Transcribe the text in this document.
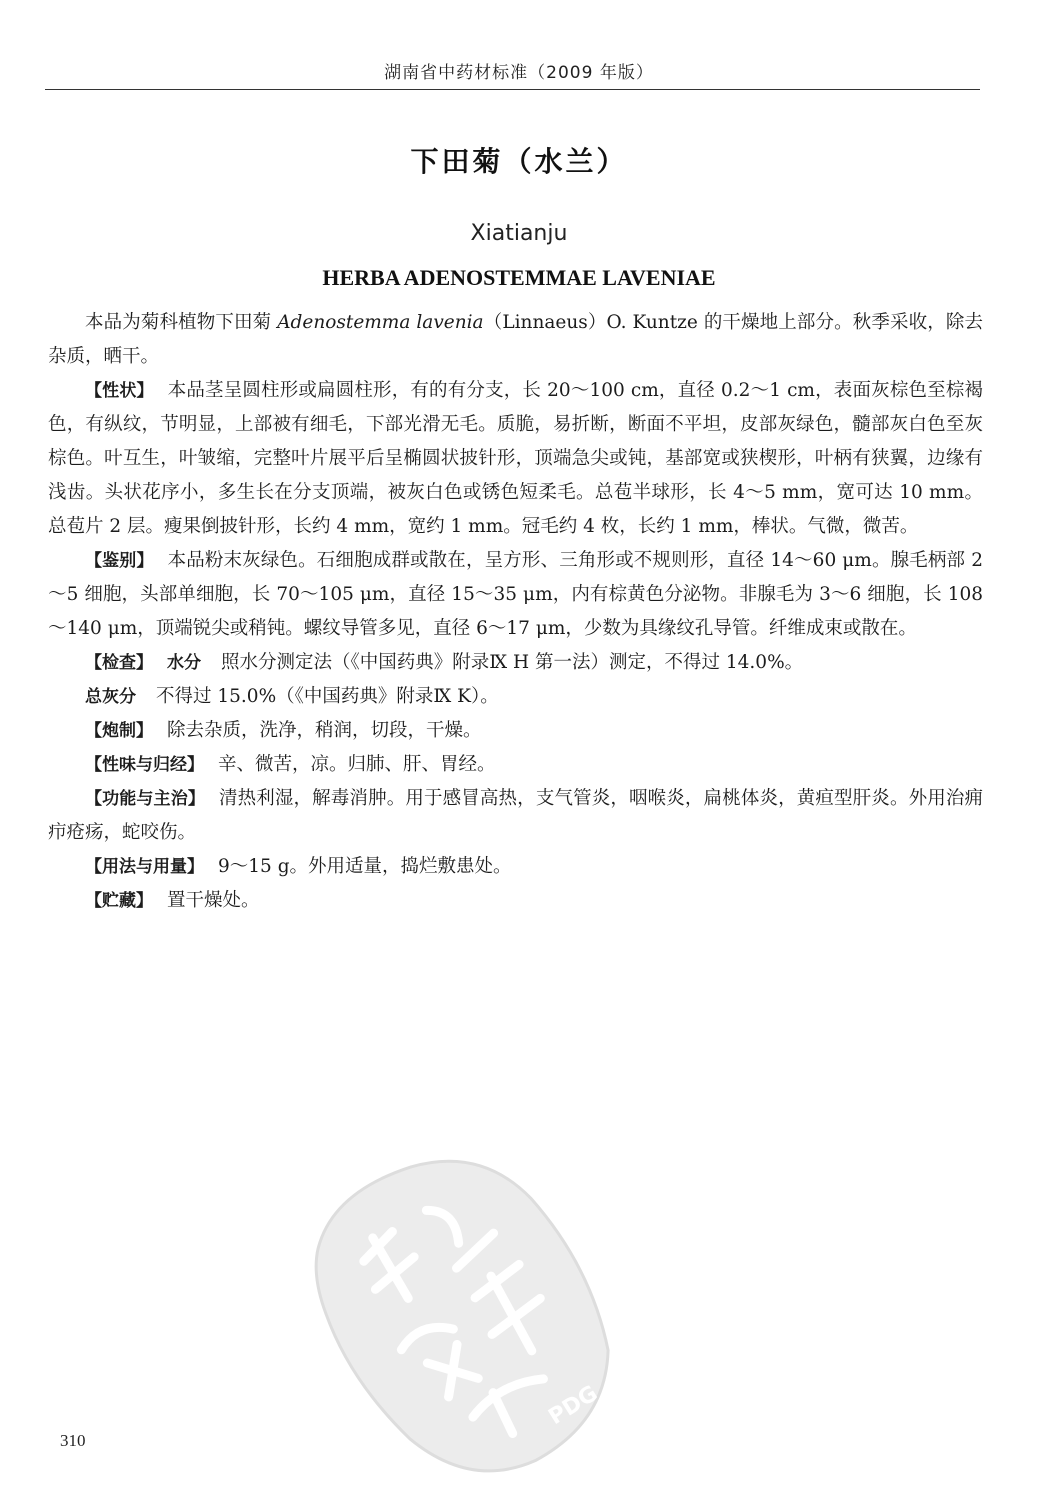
湖南省中药材标准（2009 年版）
下田菊（水兰）
Xiatianju
HERBA ADENOSTEMMAE LAVENIAE

本品为菊科植物下田菊 Adenostemma lavenia（Linnaeus）O. Kuntze 的干燥地上部分。秋季采收，除去杂质，晒干。

【性状】 本品茎呈圆柱形或扁圆柱形，有的有分支，长 20～100 cm，直径 0.2～1 cm，表面灰棕色至棕褐色，有纵纹，节明显，上部被有细毛，下部光滑无毛。质脆，易折断，断面不平坦，皮部灰绿色，髓部灰白色至灰棕色。叶互生，叶皱缩，完整叶片展平后呈椭圆状披针形，顶端急尖或钝，基部宽或狭楔形，叶柄有狭翼，边缘有浅齿。头状花序小，多生长在分支顶端，被灰白色或锈色短柔毛。总苞半球形，长 4～5 mm，宽可达 10 mm。总苞片 2 层。瘦果倒披针形，长约 4 mm，宽约 1 mm。冠毛约 4 枚，长约 1 mm，棒状。气微，微苦。

【鉴别】 本品粉末灰绿色。石细胞成群或散在，呈方形、三角形或不规则形，直径 14～60 μm。腺毛柄部 2～5 细胞，头部单细胞，长 70～105 μm，直径 15～35 μm，内有棕黄色分泌物。非腺毛为 3～6 细胞，长 108～140 μm，顶端锐尖或稍钝。螺纹导管多见，直径 6～17 μm，少数为具缘纹孔导管。纤维成束或散在。

【检查】 水分 照水分测定法（《中国药典》附录Ⅸ H 第一法）测定，不得过 14.0%。

总灰分 不得过 15.0%（《中国药典》附录Ⅸ K）。

【炮制】 除去杂质，洗净，稍润，切段，干燥。

【性味与归经】 辛、微苦，凉。归肺、肝、胃经。

【功能与主治】 清热利湿，解毒消肿。用于感冒高热，支气管炎，咽喉炎，扁桃体炎，黄疸型肝炎。外用治痈疖疮疡，蛇咬伤。

【用法与用量】 9～15 g。外用适量，捣烂敷患处。

【贮藏】 置干燥处。

PDG
310
